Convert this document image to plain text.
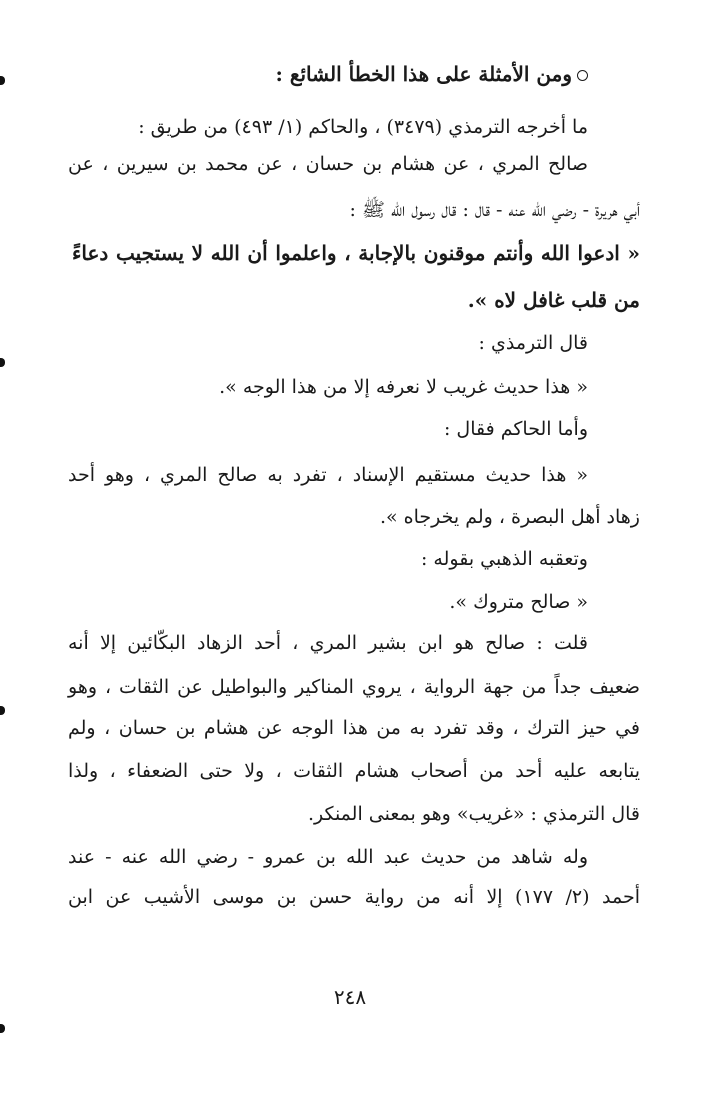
ومن الأمثلة على هذا الخطأ الشائع :
ما أخرجه الترمذي (٣٤٧٩) ، والحاكم (١/ ٤٩٣) من طريق :
صالح المري ، عن هشام بن حسان ، عن محمد بن سيرين ، عن
أبي هريرة - رضي الله عنه - قال : قال رسول الله ﷺ :
« ادعوا الله وأنتم موقنون بالإجابة ، واعلموا أن الله لا يستجيب دعاءً
من قلب غافل لاه ».
قال الترمذي :
« هذا حديث غريب لا نعرفه إلا من هذا الوجه ».
وأما الحاكم فقال :
« هذا حديث مستقيم الإسناد ، تفرد به صالح المري ، وهو أحد
زهاد أهل البصرة ، ولم يخرجاه ».
وتعقبه الذهبي بقوله :
« صالح متروك ».
قلت : صالح هو ابن بشير المري ، أحد الزهاد البكّائين إلا أنه
ضعيف جداً من جهة الرواية ، يروي المناكير والبواطيل عن الثقات ، وهو
في حيز الترك ، وقد تفرد به من هذا الوجه عن هشام بن حسان ، ولم
يتابعه عليه أحد من أصحاب هشام الثقات ، ولا حتى الضعفاء ، ولذا
قال الترمذي : «غريب» وهو بمعنى المنكر.
وله شاهد من حديث عبد الله بن عمرو - رضي الله عنه - عند
أحمد (٢/ ١٧٧) إلا أنه من رواية حسن بن موسى الأشيب عن ابن
٢٤٨
